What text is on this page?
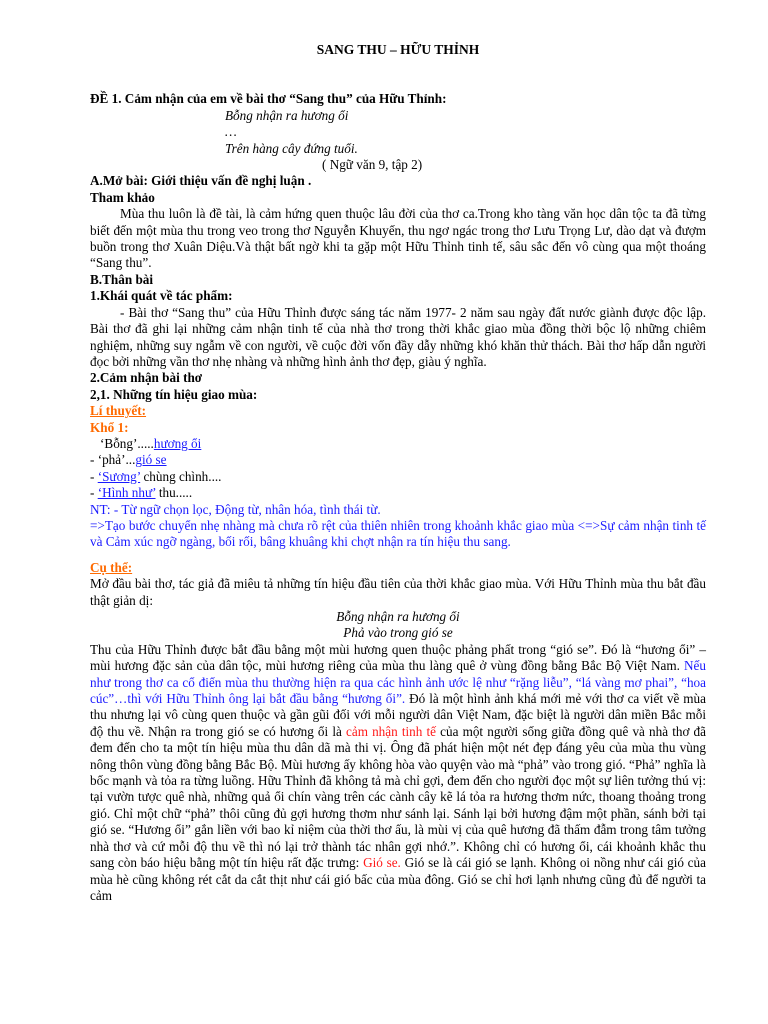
SANG THU – HỮU THỈNH

ĐỀ 1. Cảm nhận của em về bài thơ “Sang thu” của Hữu Thỉnh:

Bỗng nhận ra hương ổi

…

Trên hàng cây đứng tuổi.

( Ngữ văn 9, tập 2)

A.Mở bài: Giới thiệu vấn đề nghị luận .

Tham khảo

Mùa thu luôn là đề tài, là cảm hứng quen thuộc lâu đời của thơ ca.Trong kho tàng văn học dân tộc ta đã từng biết đến một mùa thu trong veo trong thơ Nguyễn Khuyến, thu ngơ ngác trong thơ Lưu Trọng Lư, dào dạt và đượm buồn trong thơ Xuân Diệu.Và thật bất ngờ khi ta gặp một Hữu Thỉnh tinh tế, sâu sắc đến vô cùng qua một thoáng “Sang thu”.

B.Thân bài

1.Khái quát về tác phẩm:

- Bài thơ “Sang thu” của Hữu Thỉnh được sáng tác năm 1977- 2 năm sau ngày đất nước giành được độc lập. Bài thơ đã ghi lại những cảm nhận tinh tế của nhà thơ trong thời khắc giao mùa đồng thời bộc lộ những chiêm nghiệm, những suy ngẫm về con người, về cuộc đời vốn đầy dẫy những khó khăn thử thách. Bài thơ hấp dẫn người đọc bởi những vần thơ nhẹ nhàng và những hình ảnh thơ đẹp, giàu ý nghĩa.

2.Cảm nhận bài thơ

2,1. Những tín hiệu giao mùa:

Lí thuyết:

Khổ 1:

‘Bỗng’.....hương ổi

- ‘phả’...gió se

- ‘Sương’ chùng chình....

- ‘Hình như’ thu.....

NT: - Từ ngữ chọn lọc, Động từ, nhân hóa, tình thái từ.

=>Tạo bước chuyển nhẹ nhàng mà chưa rõ rệt của thiên nhiên trong khoảnh khắc giao mùa <=>Sự cảm nhận tinh tế và Cảm xúc ngỡ ngàng, bối rối, bâng khuâng khi chợt nhận ra tín hiệu thu sang.

Cụ thể:

Mở đầu bài thơ, tác giả đã miêu tả những tín hiệu đầu tiên của thời khắc giao mùa. Với Hữu Thỉnh mùa thu bắt đầu thật giản dị:

Bỗng nhận ra hương ổi

Phả vào trong gió se

Thu của Hữu Thỉnh được bắt đầu bằng một mùi hương quen thuộc phảng phất trong “gió se”. Đó là “hương ổi” – mùi hương đặc sản của dân tộc, mùi hương riêng của mùa thu làng quê ở vùng đồng bằng Bắc Bộ Việt Nam. Nếu như trong thơ ca cổ điển mùa thu thường hiện ra qua các hình ảnh ước lệ như “rặng liễu”, “lá vàng mơ phai”, “hoa cúc”…thì với Hữu Thỉnh ông lại bắt đầu bằng “hương ổi”. Đó là một hình ảnh khá mới mẻ với thơ ca viết về mùa thu nhưng lại vô cùng quen thuộc và gần gũi đối với mỗi người dân Việt Nam, đặc biệt là người dân miền Bắc mỗi độ thu về. Nhận ra trong gió se có hương ổi là cảm nhận tinh tế của một người sống giữa đồng quê và nhà thơ đã đem đến cho ta một tín hiệu mùa thu dân dã mà thi vị. Ông đã phát hiện một nét đẹp đáng yêu của mùa thu vùng nông thôn vùng đồng bằng Bắc Bộ. Mùi hương ấy không hòa vào quyện vào mà “phả” vào trong gió. “Phả” nghĩa là bốc mạnh và tỏa ra từng luồng. Hữu Thỉnh đã không tả mà chỉ gợi, đem đến cho người đọc một sự liên tưởng thú vị: tại vườn tược quê nhà, những quả ổi chín vàng trên các cành cây kẽ lá tỏa ra hương thơm nức, thoang thoảng trong gió. Chỉ một chữ “phả” thôi cũng đủ gợi hương thơm như sánh lại. Sánh lại bởi hương đậm một phần, sánh bởi tại gió se. “Hương ổi” gắn liền với bao kỉ niệm của thời thơ ấu, là mùi vị của quê hương đã thấm đẫm trong tâm tưởng nhà thơ và cứ mỗi độ thu về thì nó lại trở thành tác nhân gợi nhớ.”. Không chỉ có hương ổi, cái khoảnh khắc thu sang còn báo hiệu bằng một tín hiệu rất đặc trưng: Gió se. Gió se là cái gió se lạnh. Không oi nồng như cái gió của mùa hè cũng không rét cắt da cắt thịt như cái gió bấc của mùa đông. Gió se chỉ hơi lạnh nhưng cũng đủ để người ta cảm
